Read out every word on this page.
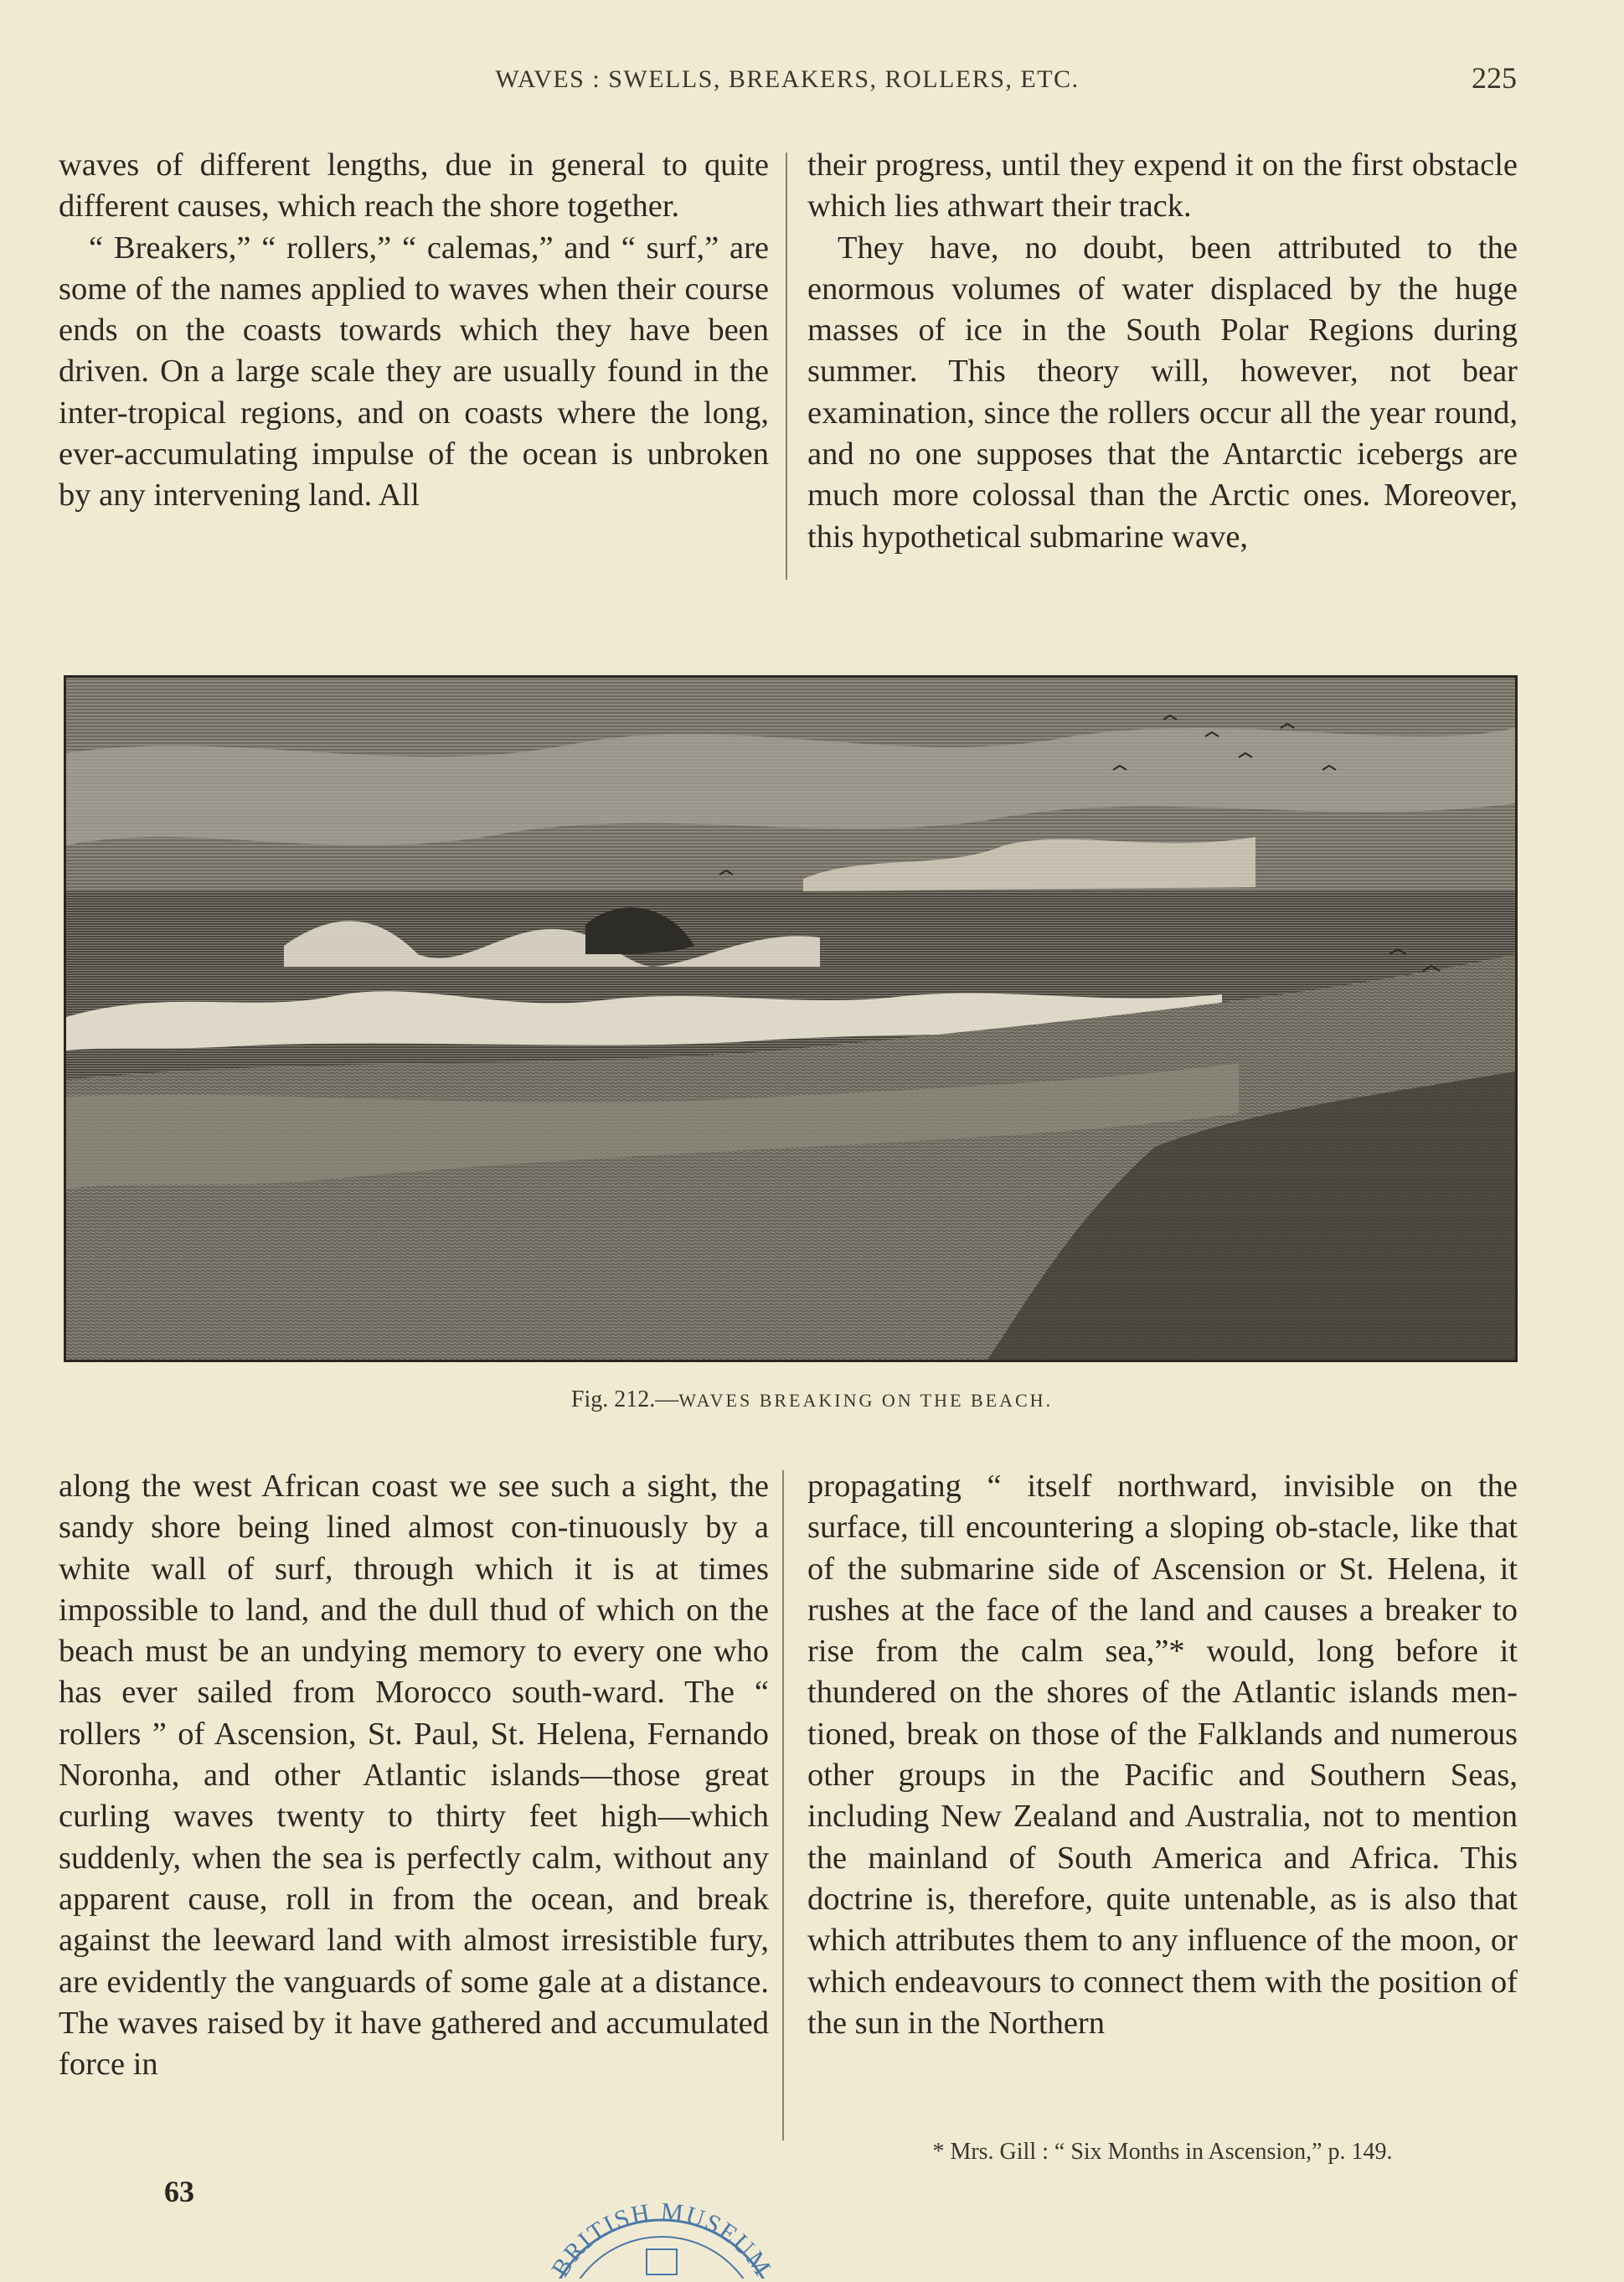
WAVES : SWELLS, BREAKERS, ROLLERS, ETC.	225

waves of different lengths, due in general to quite different causes, which reach the shore together.

“ Breakers,” “ rollers,” “ calemas,” and “ surf,” are some of the names applied to waves when their course ends on the coasts towards which they have been driven. On a large scale they are usually found in the inter-tropical regions, and on coasts where the long, ever-accumulating impulse of the ocean is unbroken by any intervening land. All

their progress, until they expend it on the first obstacle which lies athwart their track.

They have, no doubt, been attributed to the enormous volumes of water displaced by the huge masses of ice in the South Polar Regions during summer. This theory will, however, not bear examination, since the rollers occur all the year round, and no one supposes that the Antarctic icebergs are much more colossal than the Arctic ones. Moreover, this hypothetical submarine wave,

Fig. 212.—WAVES BREAKING ON THE BEACH.

along the west African coast we see such a sight, the sandy shore being lined almost con-tinuously by a white wall of surf, through which it is at times impossible to land, and the dull thud of which on the beach must be an undying memory to every one who has ever sailed from Morocco south-ward. The “ rollers ” of Ascension, St. Paul, St. Helena, Fernando Noronha, and other Atlantic islands—those great curling waves twenty to thirty feet high—which suddenly, when the sea is perfectly calm, without any apparent cause, roll in from the ocean, and break against the leeward land with almost irresistible fury, are evidently the vanguards of some gale at a distance. The waves raised by it have gathered and accumulated force in

propagating “ itself northward, invisible on the surface, till encountering a sloping ob-stacle, like that of the submarine side of Ascension or St. Helena, it rushes at the face of the land and causes a breaker to rise from the calm sea,”* would, long before it thundered on the shores of the Atlantic islands men-tioned, break on those of the Falklands and numerous other groups in the Pacific and Southern Seas, including New Zealand and Australia, not to mention the mainland of South America and Africa. This doctrine is, therefore, quite untenable, as is also that which attributes them to any influence of the moon, or which endeavours to connect them with the position of the sun in the Northern

* Mrs. Gill : “ Six Months in Ascension,” p. 149.
63
BRITISH MUSEUM
